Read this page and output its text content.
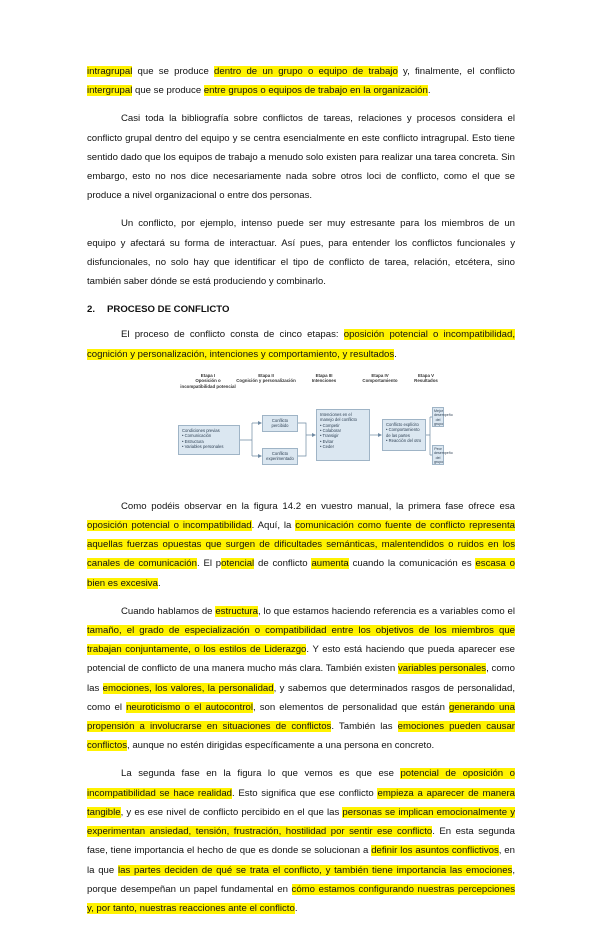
intragrupal que se produce dentro de un grupo o equipo de trabajo y, finalmente, el conflicto intergrupal que se produce entre grupos o equipos de trabajo en la organización.

Casi toda la bibliografía sobre conflictos de tareas, relaciones y procesos considera el conflicto grupal dentro del equipo y se centra esencialmente en este conflicto intragrupal. Esto tiene sentido dado que los equipos de trabajo a menudo solo existen para realizar una tarea concreta. Sin embargo, esto no nos dice necesariamente nada sobre otros loci de conflicto, como el que se produce a nivel organizacional o entre dos personas.

Un conflicto, por ejemplo, intenso puede ser muy estresante para los miembros de un equipo y afectará su forma de interactuar. Así pues, para entender los conflictos funcionales y disfuncionales, no solo hay que identificar el tipo de conflicto de tarea, relación, etcétera, sino también saber dónde se está produciendo y combinarlo.

2. PROCESO DE CONFLICTO

El proceso de conflicto consta de cinco etapas: oposición potencial o incompatibilidad, cognición y personalización, intenciones y comportamiento, y resultados.

Etapa I
Oposición o incompatibilidad potencial
Etapa II
Cognición y personalización
Etapa III
Intenciones
Etapa IV
Comportamiento
Etapa V
Resultados
Condiciones previas
• Comunicación
• Estructura
• Variables personales
Conflicto percibido
Conflicto experimentado
Intenciones en el manejo del conflicto
• Competir
• Colaborar
• Transigir
• Evitar
• Ceder
Conflicto explícito
• Comportamiento de las partes
• Reacción del otro
Mejor desempeño del grupo
Peor desempeño del grupo

Como podéis observar en la figura 14.2 en vuestro manual, la primera fase ofrece esa oposición potencial o incompatibilidad. Aquí, la comunicación como fuente de conflicto representa aquellas fuerzas opuestas que surgen de dificultades semánticas, malentendidos o ruidos en los canales de comunicación. El potencial de conflicto aumenta cuando la comunicación es escasa o bien es excesiva.

Cuando hablamos de estructura, lo que estamos haciendo referencia es a variables como el tamaño, el grado de especialización o compatibilidad entre los objetivos de los miembros que trabajan conjuntamente, o los estilos de Liderazgo. Y esto está haciendo que pueda aparecer ese potencial de conflicto de una manera mucho más clara. También existen variables personales, como las emociones, los valores, la personalidad, y sabemos que determinados rasgos de personalidad, como el neuroticismo o el autocontrol, son elementos de personalidad que están generando una propensión a involucrarse en situaciones de conflictos. También las emociones pueden causar conflictos, aunque no estén dirigidas específicamente a una persona en concreto.

La segunda fase en la figura lo que vemos es que ese potencial de oposición o incompatibilidad se hace realidad. Esto significa que ese conflicto empieza a aparecer de manera tangible, y es ese nivel de conflicto percibido en el que las personas se implican emocionalmente y experimentan ansiedad, tensión, frustración, hostilidad por sentir ese conflicto. En esta segunda fase, tiene importancia el hecho de que es donde se solucionan a definir los asuntos conflictivos, en la que las partes deciden de qué se trata el conflicto, y también tiene importancia las emociones, porque desempeñan un papel fundamental en cómo estamos configurando nuestras percepciones y, por tanto, nuestras reacciones ante el conflicto.
